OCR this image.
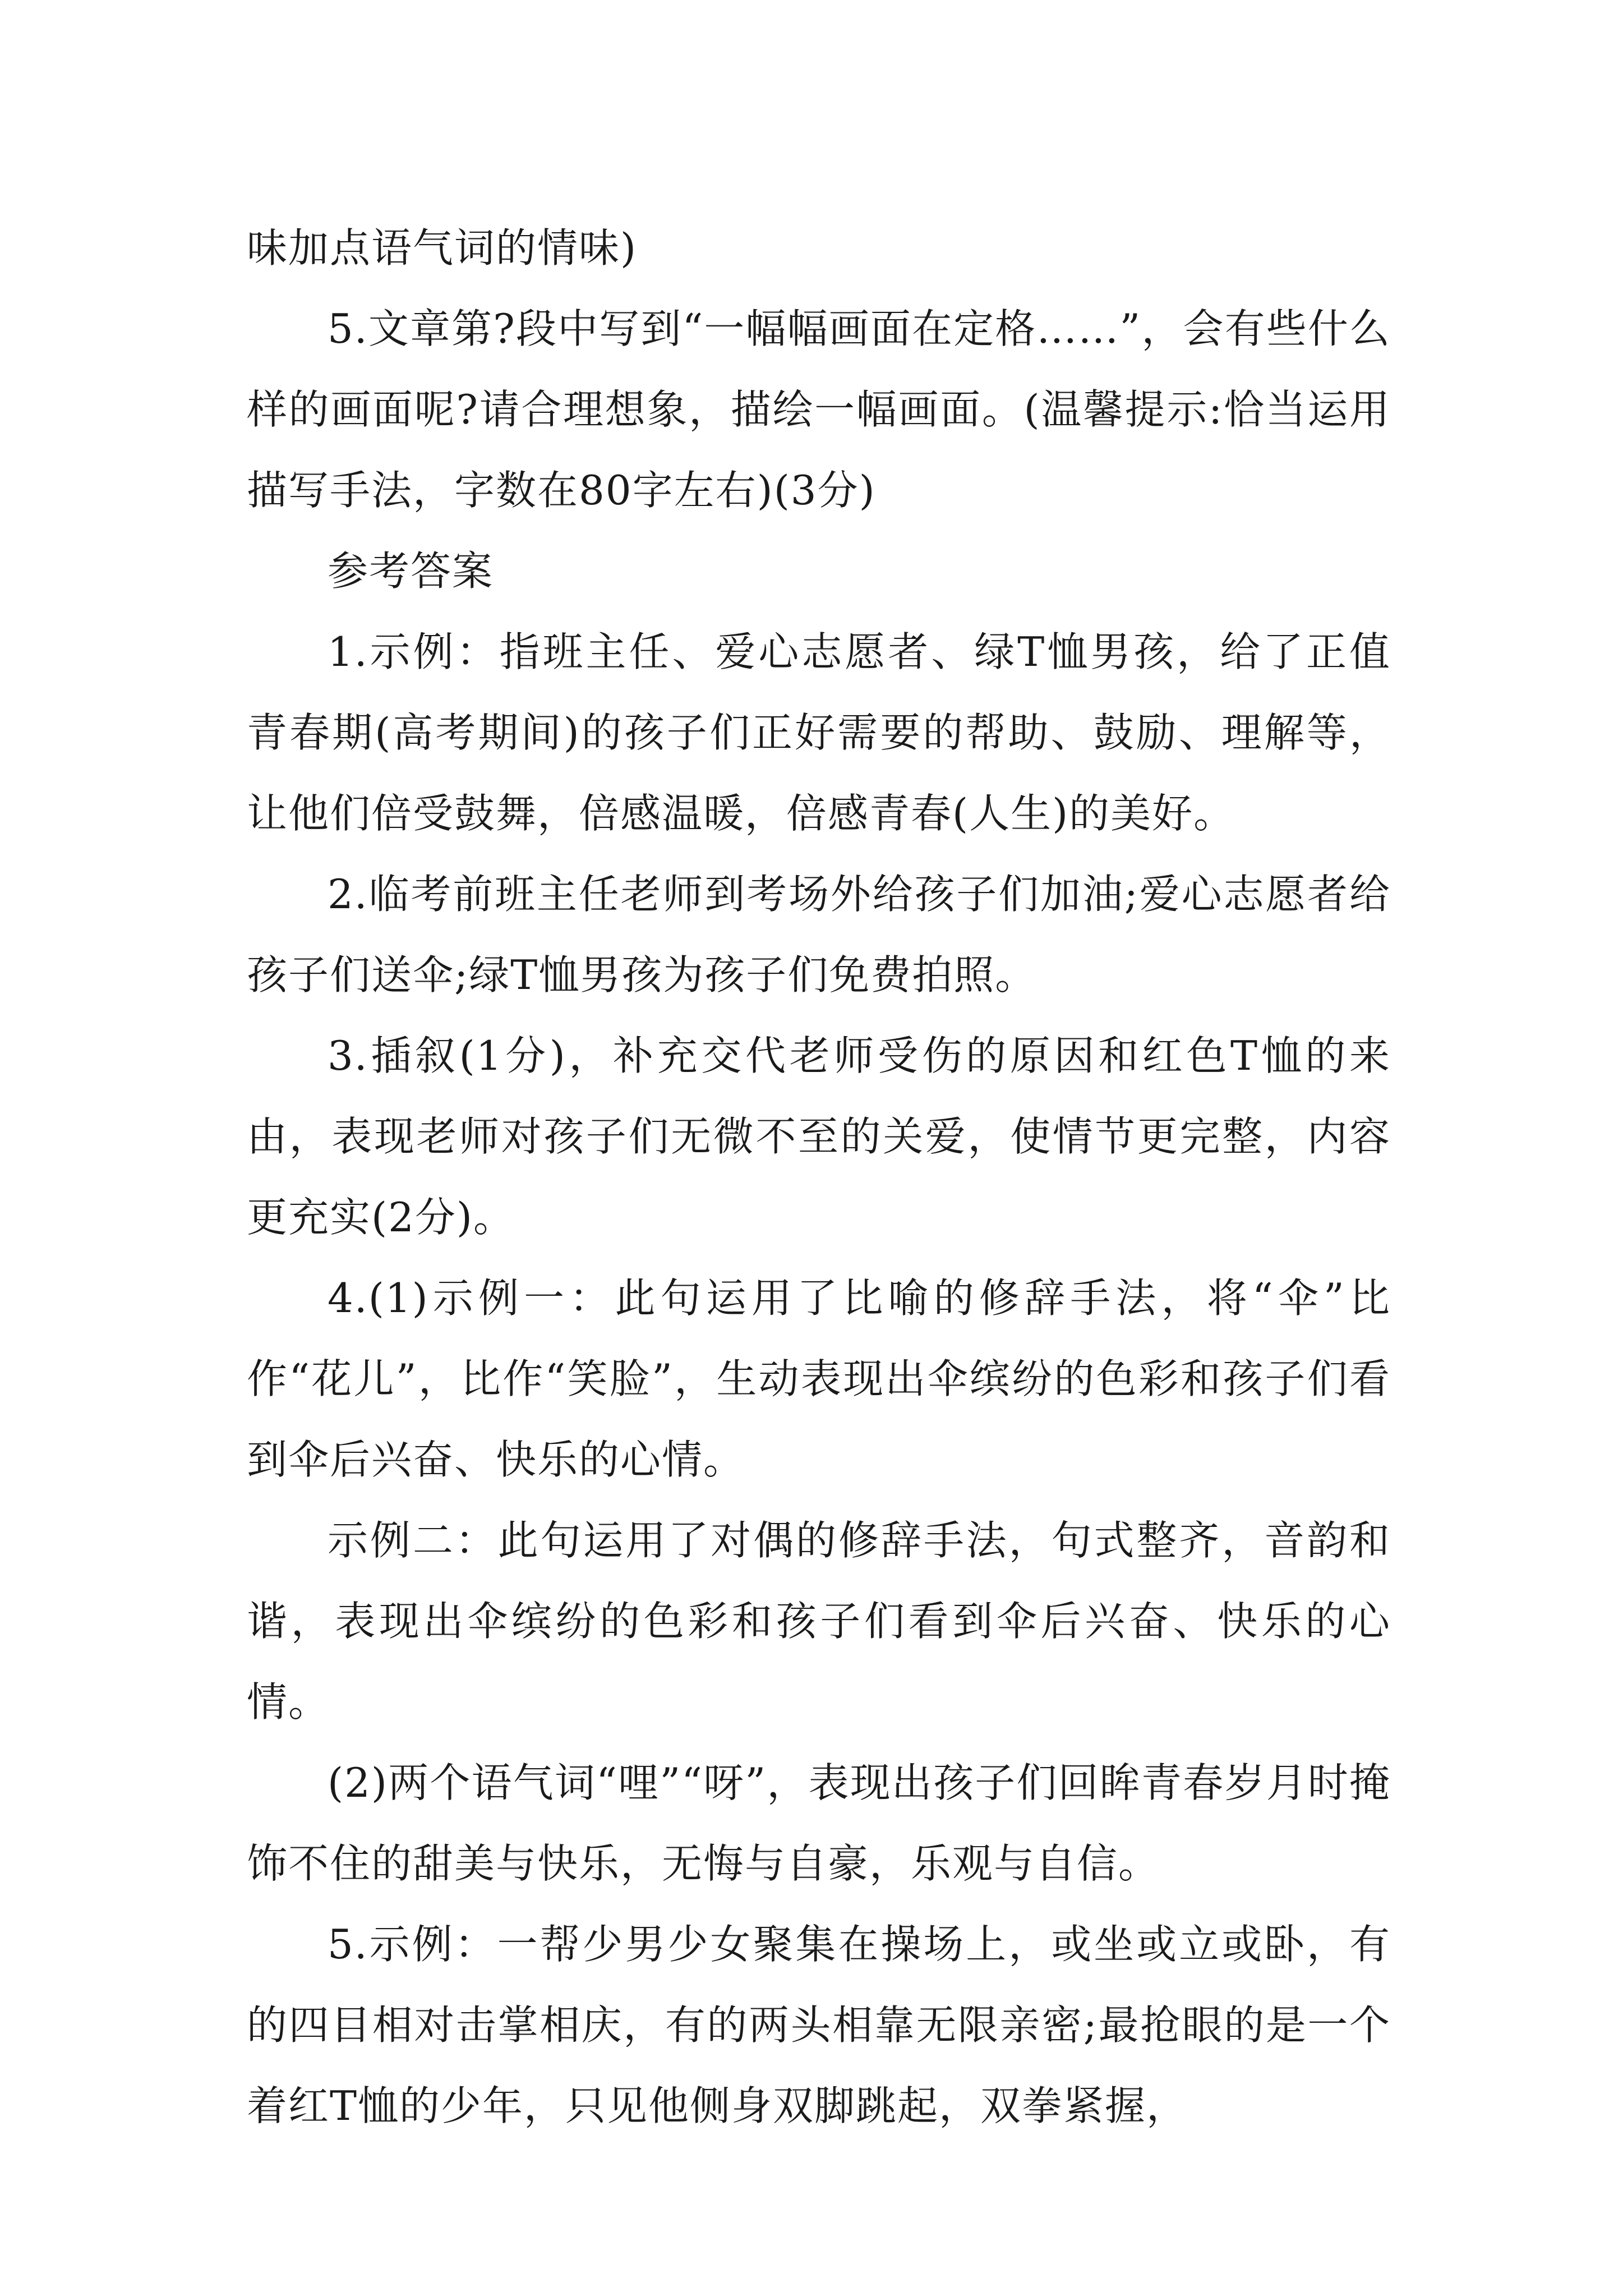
味加点语气词的情味)

5.文章第?段中写到“一幅幅画面在定格……”，会有些什么样的画面呢?请合理想象，描绘一幅画面。(温馨提示:恰当运用描写手法，字数在80字左右)(3分)

参考答案

1.示例：指班主任、爱心志愿者、绿T恤男孩，给了正值青春期(高考期间)的孩子们正好需要的帮助、鼓励、理解等，让他们倍受鼓舞，倍感温暖，倍感青春(人生)的美好。

2.临考前班主任老师到考场外给孩子们加油;爱心志愿者给孩子们送伞;绿T恤男孩为孩子们免费拍照。

3.插叙(1分)，补充交代老师受伤的原因和红色T恤的来由，表现老师对孩子们无微不至的关爱，使情节更完整，内容更充实(2分)。

4.(1)示例一：此句运用了比喻的修辞手法，将“伞”比作“花儿”，比作“笑脸”，生动表现出伞缤纷的色彩和孩子们看到伞后兴奋、快乐的心情。

示例二：此句运用了对偶的修辞手法，句式整齐，音韵和谐，表现出伞缤纷的色彩和孩子们看到伞后兴奋、快乐的心情。

(2)两个语气词“哩”“呀”，表现出孩子们回眸青春岁月时掩饰不住的甜美与快乐，无悔与自豪，乐观与自信。

5.示例：一帮少男少女聚集在操场上，或坐或立或卧，有的四目相对击掌相庆，有的两头相靠无限亲密;最抢眼的是一个着红T恤的少年，只见他侧身双脚跳起，双拳紧握，
